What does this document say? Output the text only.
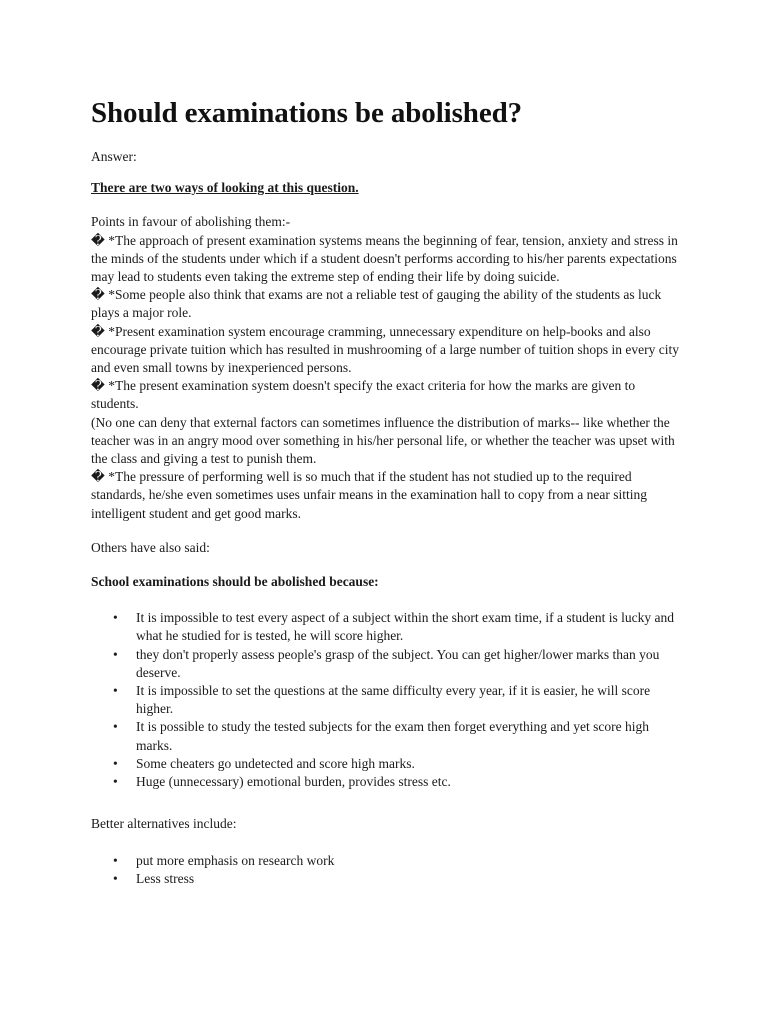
Should examinations be abolished?

Answer:

There are two ways of looking at this question.

Points in favour of abolishing them:-

� *The approach of present examination systems means the beginning of fear, tension, anxiety and stress in the minds of the students under which if a student doesn't performs according to his/her parents expectations may lead to students even taking the extreme step of ending their life by doing suicide.

� *Some people also think that exams are not a reliable test of gauging the ability of the students as luck plays a major role.

� *Present examination system encourage cramming, unnecessary expenditure on help-books and also encourage private tuition which has resulted in mushrooming of a large number of tuition shops in every city and even small towns by inexperienced persons.

� *The present examination system doesn't specify the exact criteria for how the marks are given to students.

(No one can deny that external factors can sometimes influence the distribution of marks-- like whether the teacher was in an angry mood over something in his/her personal life, or whether the teacher was upset with the class and giving a test to punish them.

� *The pressure of performing well is so much that if the student has not studied up to the required standards, he/she even sometimes uses unfair means in the examination hall to copy from a near sitting intelligent student and get good marks.

Others have also said:

School examinations should be abolished because:

• It is impossible to test every aspect of a subject within the short exam time, if a student is lucky and what he studied for is tested, he will score higher.
• they don't properly assess people's grasp of the subject. You can get higher/lower marks than you deserve.
• It is impossible to set the questions at the same difficulty every year, if it is easier, he will score higher.
• It is possible to study the tested subjects for the exam then forget everything and yet score high marks.
• Some cheaters go undetected and score high marks.
• Huge (unnecessary) emotional burden, provides stress etc.

Better alternatives include:

• put more emphasis on research work
• Less stress
